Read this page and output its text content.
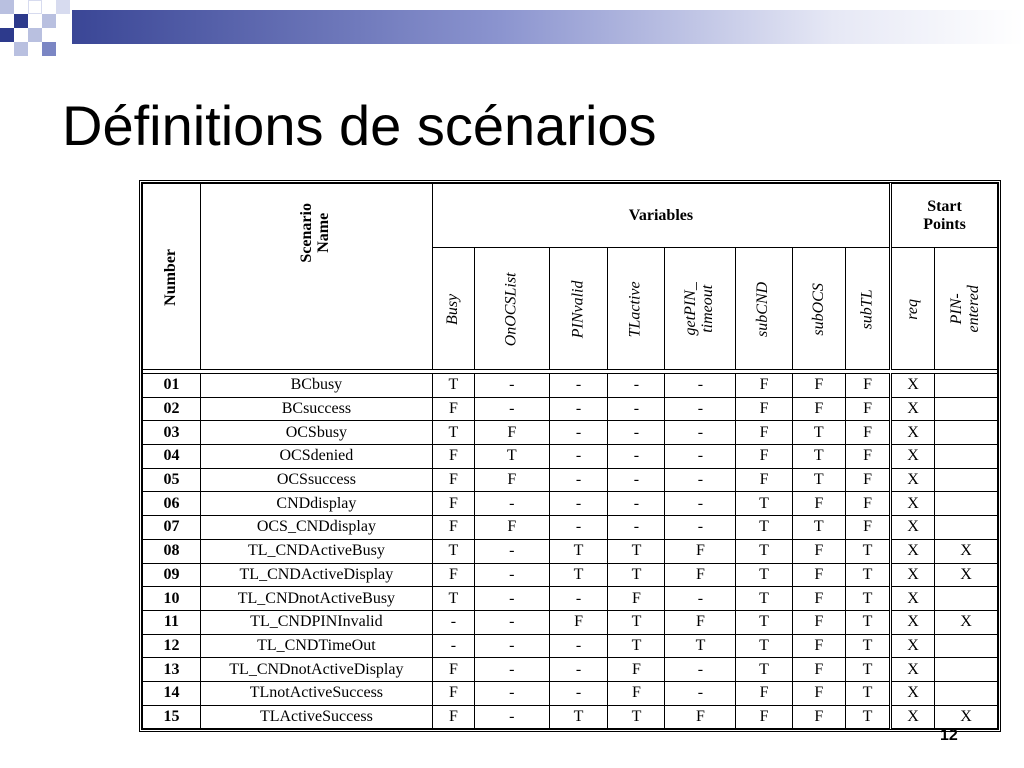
Définitions de scénarios
Number	Scenario Name	Variables								Start Points	
		Busy	OnOCSList	PINvalid	TLactive	getPIN_ timeout	subCND	subOCS	subTL	req	PIN- entered

01	BCbusy	T	-	-	-	-	F	F	F	X	
02	BCsuccess	F	-	-	-	-	F	F	F	X	
03	OCSbusy	T	F	-	-	-	F	T	F	X	
04	OCSdenied	F	T	-	-	-	F	T	F	X	
05	OCSsuccess	F	F	-	-	-	F	T	F	X	
06	CNDdisplay	F	-	-	-	-	T	F	F	X	
07	OCS_CNDdisplay	F	F	-	-	-	T	T	F	X	
08	TL_CNDActiveBusy	T	-	T	T	F	T	F	T	X	X
09	TL_CNDActiveDisplay	F	-	T	T	F	T	F	T	X	X
10	TL_CNDnotActiveBusy	T	-	-	F	-	T	F	T	X	
11	TL_CNDPINInvalid	-	-	F	T	F	T	F	T	X	X
12	TL_CNDTimeOut	-	-	-	T	T	T	F	T	X	
13	TL_CNDnotActiveDisplay	F	-	-	F	-	T	F	T	X	
14	TLnotActiveSuccess	F	-	-	F	-	F	F	T	X	
15	TLActiveSuccess	F	-	T	T	F	F	F	T	X	X
12
